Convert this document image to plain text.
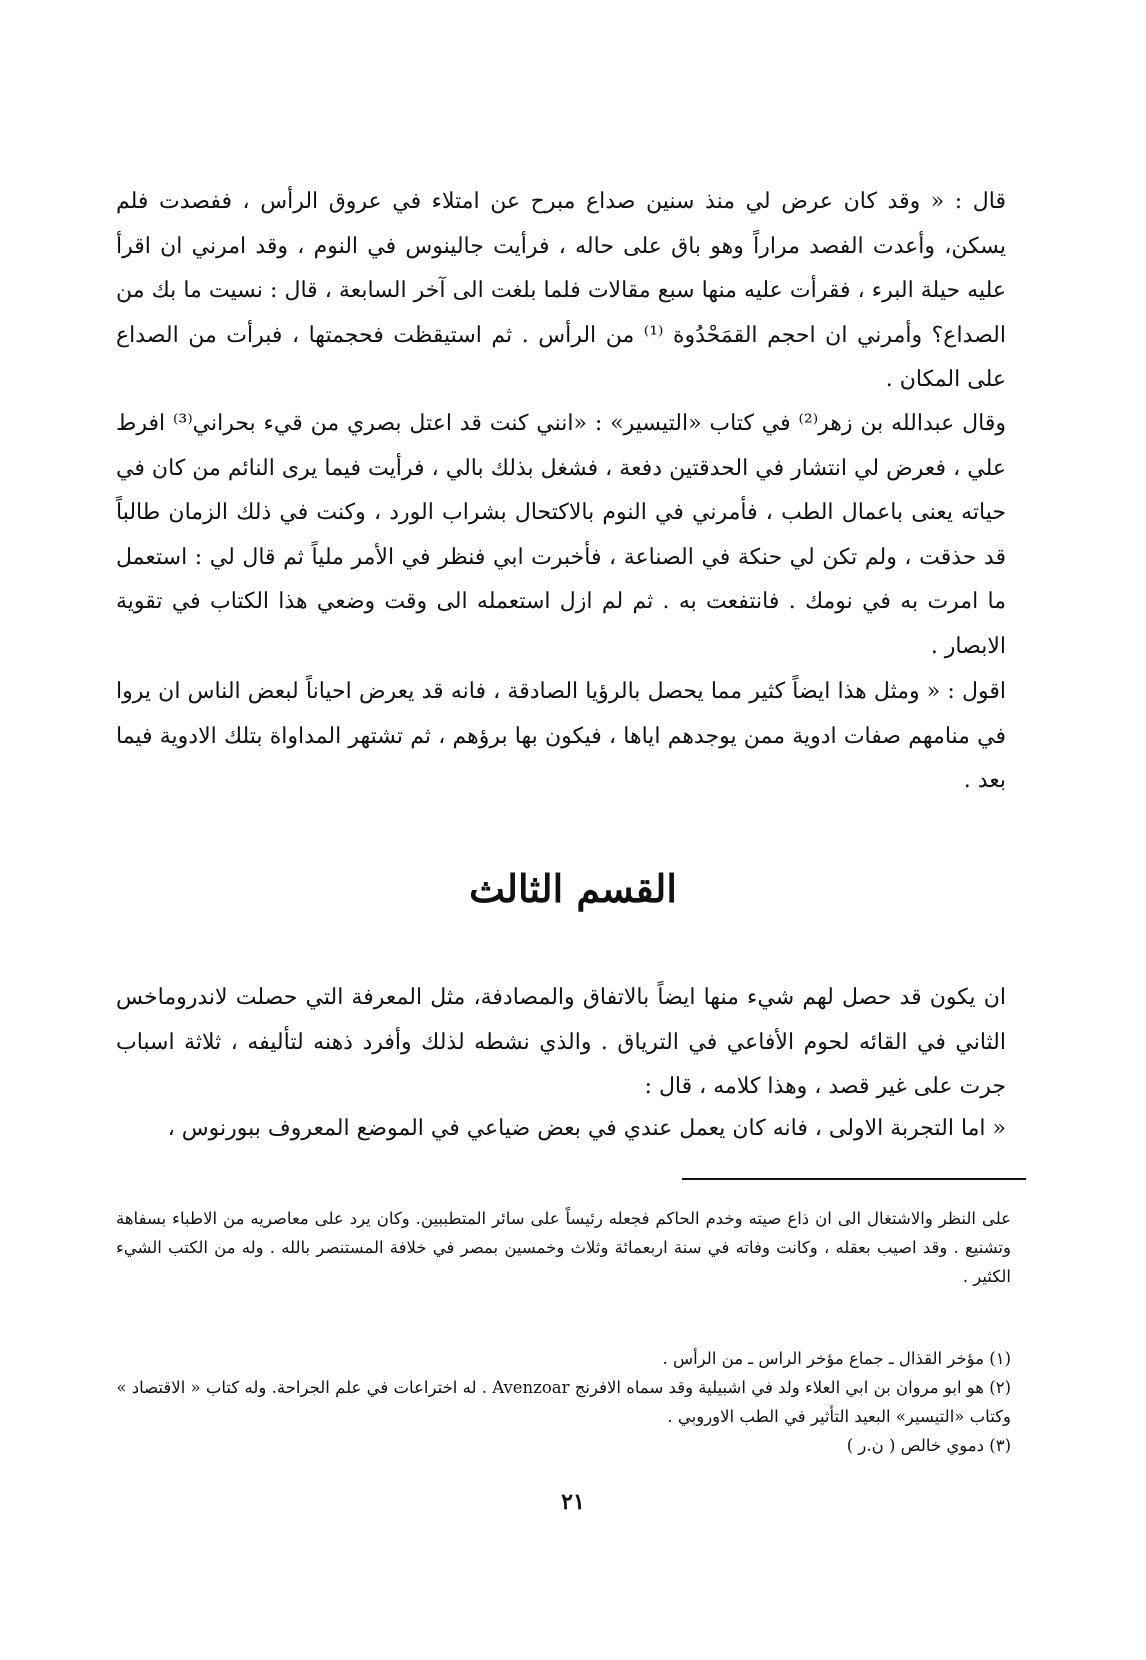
قال : « وقد كان عرض لي منذ سنين صداع مبرح عن امتلاء في عروق الرأس ، ففصدت فلم يسكن، وأعدت الفصد مراراً وهو باق على حاله ، فرأيت جالينوس في النوم ، وقد امرني ان اقرأ عليه حيلة البرء ، فقرأت عليه منها سبع مقالات فلما بلغت الى آخر السابعة ، قال : نسيت ما بك من الصداع؟ وأمرني ان احجم القمَحْدُوة ⁽¹⁾ من الرأس . ثم استيقظت فحجمتها ، فبرأت من الصداع على المكان .

وقال عبدالله بن زهر⁽²⁾ في كتاب «التيسير» : «انني كنت قد اعتل بصري من قيء بحراني⁽³⁾ افرط علي ، فعرض لي انتشار في الحدقتين دفعة ، فشغل بذلك بالي ، فرأيت فيما يرى النائم من كان في حياته يعنى باعمال الطب ، فأمرني في النوم بالاكتحال بشراب الورد ، وكنت في ذلك الزمان طالباً قد حذقت ، ولم تكن لي حنكة في الصناعة ، فأخبرت ابي فنظر في الأمر ملياً ثم قال لي : استعمل ما امرت به في نومك . فانتفعت به . ثم لم ازل استعمله الى وقت وضعي هذا الكتاب في تقوية الابصار .

اقول : « ومثل هذا ايضاً كثير مما يحصل بالرؤيا الصادقة ، فانه قد يعرض احياناً لبعض الناس ان يروا في منامهم صفات ادوية ممن يوجدهم اياها ، فيكون بها برؤهم ، ثم تشتهر المداواة بتلك الادوية فيما بعد .

القسم الثالث

ان يكون قد حصل لهم شيء منها ايضاً بالاتفاق والمصادفة، مثل المعرفة التي حصلت لاندروماخس الثاني في القائه لحوم الأفاعي في الترياق . والذي نشطه لذلك وأفرد ذهنه لتأليفه ، ثلاثة اسباب جرت على غير قصد ، وهذا كلامه ، قال :

« اما التجربة الاولى ، فانه كان يعمل عندي في بعض ضياعي في الموضع المعروف ببورنوس ،

على النظر والاشتغال الى ان ذاع صيته وخدم الحاكم فجعله رئيساً على سائر المتطببين. وكان يرد على معاصريه من الاطباء بسفاهة وتشنيع . وقد اصيب بعقله ، وكانت وفاته في سنة اربعمائة وثلاث وخمسين بمصر في خلافة المستنصر بالله . وله من الكتب الشيء الكثير .

(١) مؤخر القذال ـ جماع مؤخر الراس ـ من الرأس .
(٢) هو ابو مروان بن ابي العلاء ولد في اشبيلية وقد سماه الافرنج Avenzoar . له اختراعات في علم الجراحة. وله كتاب « الاقتصاد » وكتاب «التيسير» البعيد التأثير في الطب الاوروبي .
(٣) دموي خالص ( ن.ر )
٢١
